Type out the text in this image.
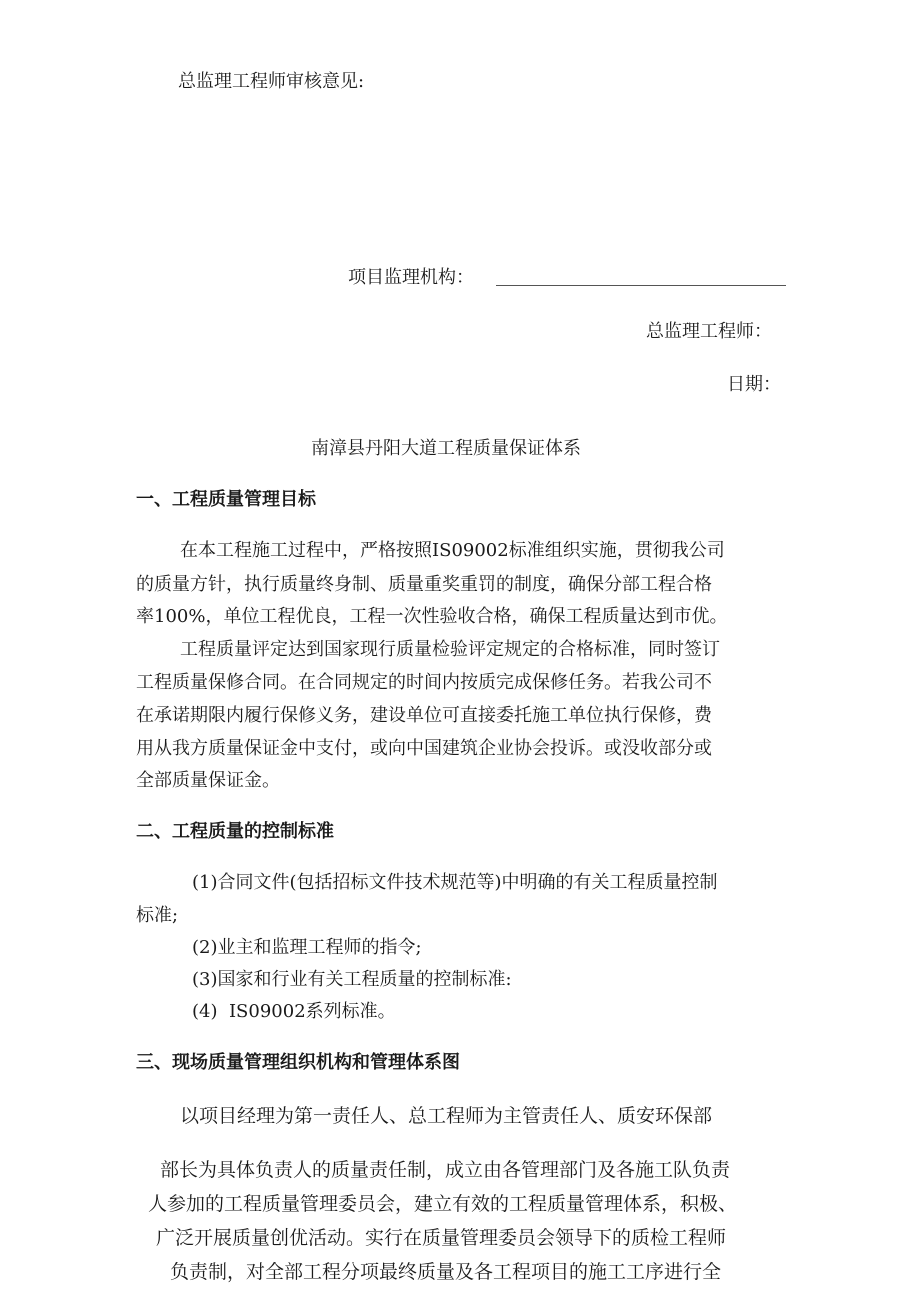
总监理工程师审核意见:
项目监理机构：
总监理工程师：
日期：
南漳县丹阳大道工程质量保证体系
一、工程质量管理目标
在本工程施工过程中，严格按照IS09002标准组织实施，贯彻我公司
的质量方针，执行质量终身制、质量重奖重罚的制度，确保分部工程合格
率100%，单位工程优良，工程一次性验收合格，确保工程质量达到市优。
工程质量评定达到国家现行质量检验评定规定的合格标准，同时签订
工程质量保修合同。在合同规定的时间内按质完成保修任务。若我公司不
在承诺期限内履行保修义务，建设单位可直接委托施工单位执行保修，费
用从我方质量保证金中支付，或向中国建筑企业协会投诉。或没收部分或
全部质量保证金。
二、工程质量的控制标准
(1)合同文件(包括招标文件技术规范等)中明确的有关工程质量控制
标准;
(2)业主和监理工程师的指令;
(3)国家和行业有关工程质量的控制标准:
(4)  IS09002系列标准。
三、现场质量管理组织机构和管理体系图
以项目经理为第一责任人、总工程师为主管责任人、质安环保部
部长为具体负责人的质量责任制，成立由各管理部门及各施工队负责
人参加的工程质量管理委员会，建立有效的工程质量管理体系，积极、
广泛开展质量创优活动。实行在质量管理委员会领导下的质检工程师
负责制，对全部工程分项最终质量及各工程项目的施工工序进行全
